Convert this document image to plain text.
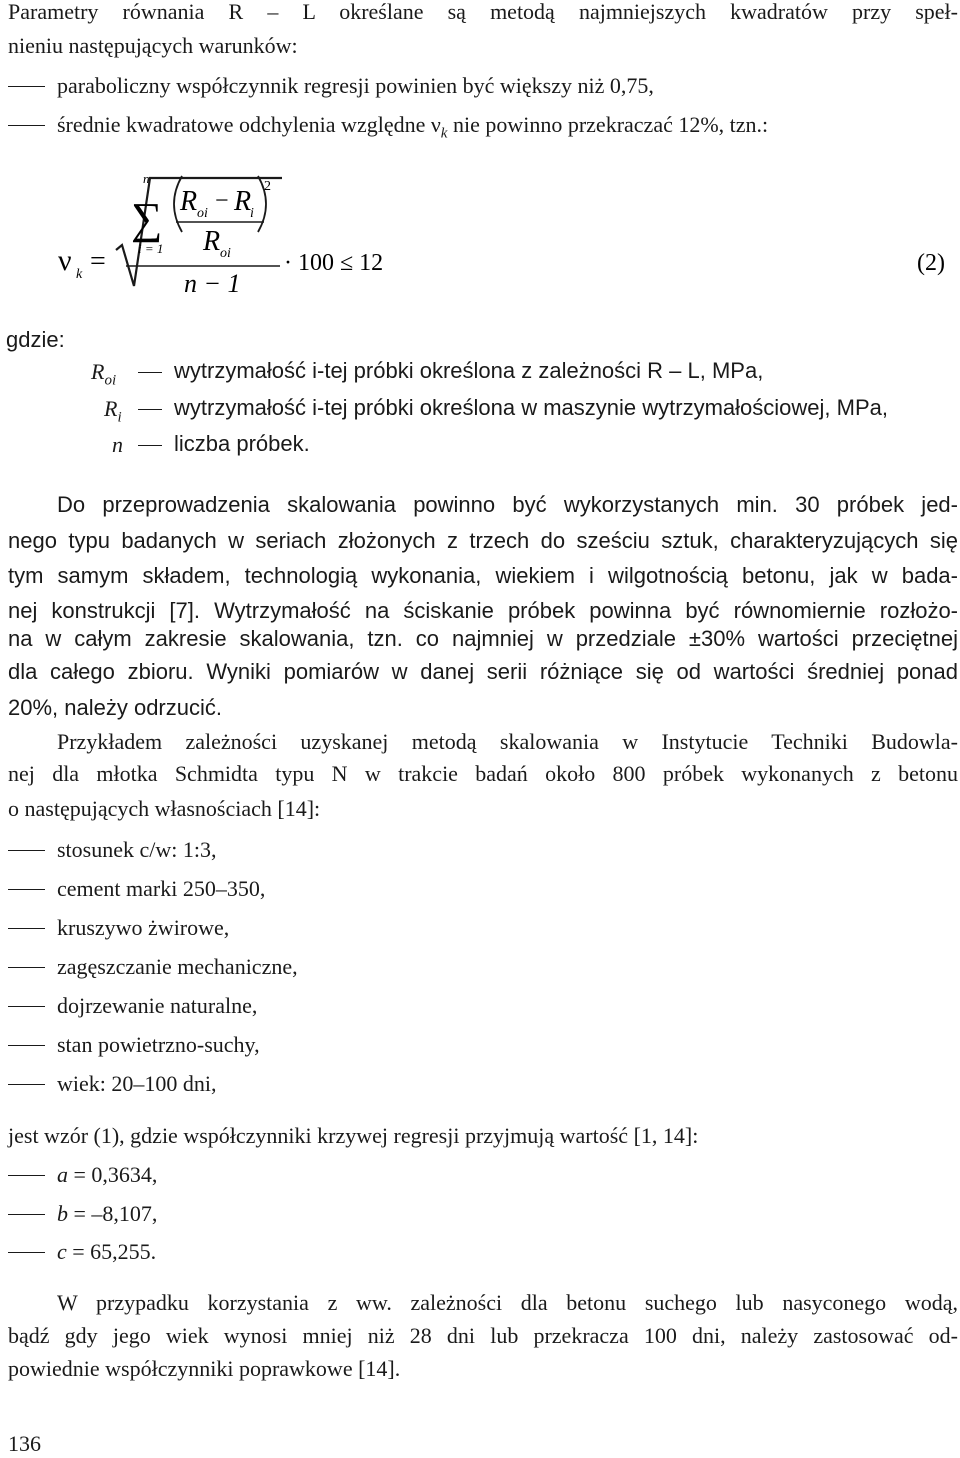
Parametry równania R – L określane są metodą najmniejszych kwadratów przy speł-
nieniu następujących warunków:
paraboliczny współczynnik regresji powinien być większy niż 0,75,
średnie kwadratowe odchylenia względne $\nu_k$ nie powinno przekraczać 12%, tzn.:
ν k =
n
∑
i = 1
2
R oi − R
i
R oi
n − 1
· 100 ≤ 12	(2)
gdzie:
$R_{oi}$	wytrzymałość i-tej próbki określona z zależności R – L, MPa,
$R_i$ wytrzymałość i-tej próbki określona w maszynie wytrzymałościowej, MPa,
n liczba próbek.
Do przeprowadzenia skalowania powinno być wykorzystanych min. 30 próbek jed-
nego typu badanych w seriach złożonych z trzech do sześciu sztuk, charakteryzujących się
tym samym składem, technologią wykonania, wiekiem i wilgotnością betonu, jak w bada-
nej konstrukcji [7]. Wytrzymałość na ściskanie próbek powinna być równomiernie rozłożo-
na w całym zakresie skalowania, tzn. co najmniej w przedziale ±30% wartości przeciętnej
dla całego zbioru. Wyniki pomiarów w danej serii różniące się od wartości średniej ponad
20%, należy odrzucić.
Przykładem zależności uzyskanej metodą skalowania w Instytucie Techniki Budowla-
nej dla młotka Schmidta typu N w trakcie badań około 800 próbek wykonanych z betonu
o następujących własnościach [14]:
stosunek c/w: 1:3,
cement marki 250–350,
kruszywo żwirowe,
zagęszczanie mechaniczne,
dojrzewanie naturalne,
stan powietrzno-suchy,
wiek: 20–100 dni,
jest wzór (1), gdzie współczynniki krzywej regresji przyjmują wartość [1, 14]:
a = 0,3634,
b = –8,107,
c = 65,255.
W przypadku korzystania z ww. zależności dla betonu suchego lub nasyconego wodą,
bądź gdy jego wiek wynosi mniej niż 28 dni lub przekracza 100 dni, należy zastosować od-
powiednie współczynniki poprawkowe [14].
136
